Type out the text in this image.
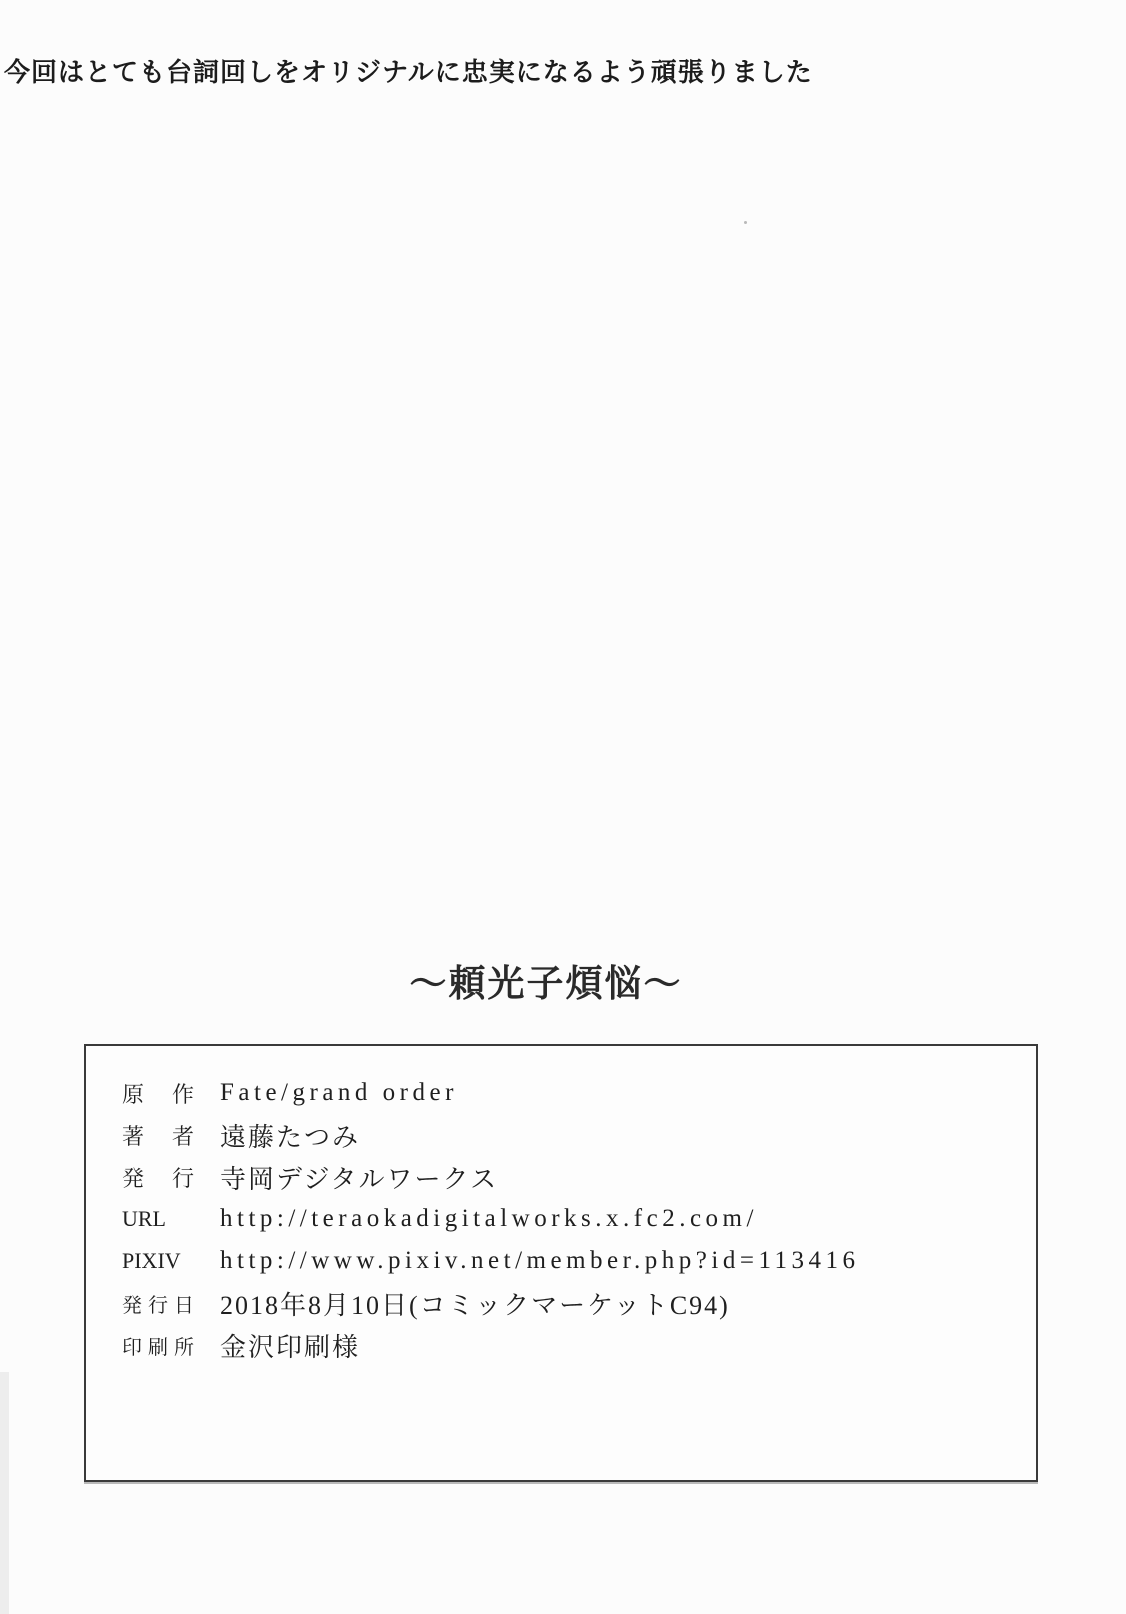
今回はとても台詞回しをオリジナルに忠実になるよう頑張りました
～頼光子煩悩～
原作 Fate/grand order
著者 遠藤たつみ
発行 寺岡デジタルワークス
URL	http://teraokadigitalworks.x.fc2.com/
PIXIV	http://www.pixiv.net/member.php?id=113416
発行日 2018年8月10日(コミックマーケットC94)
印刷所 金沢印刷様
